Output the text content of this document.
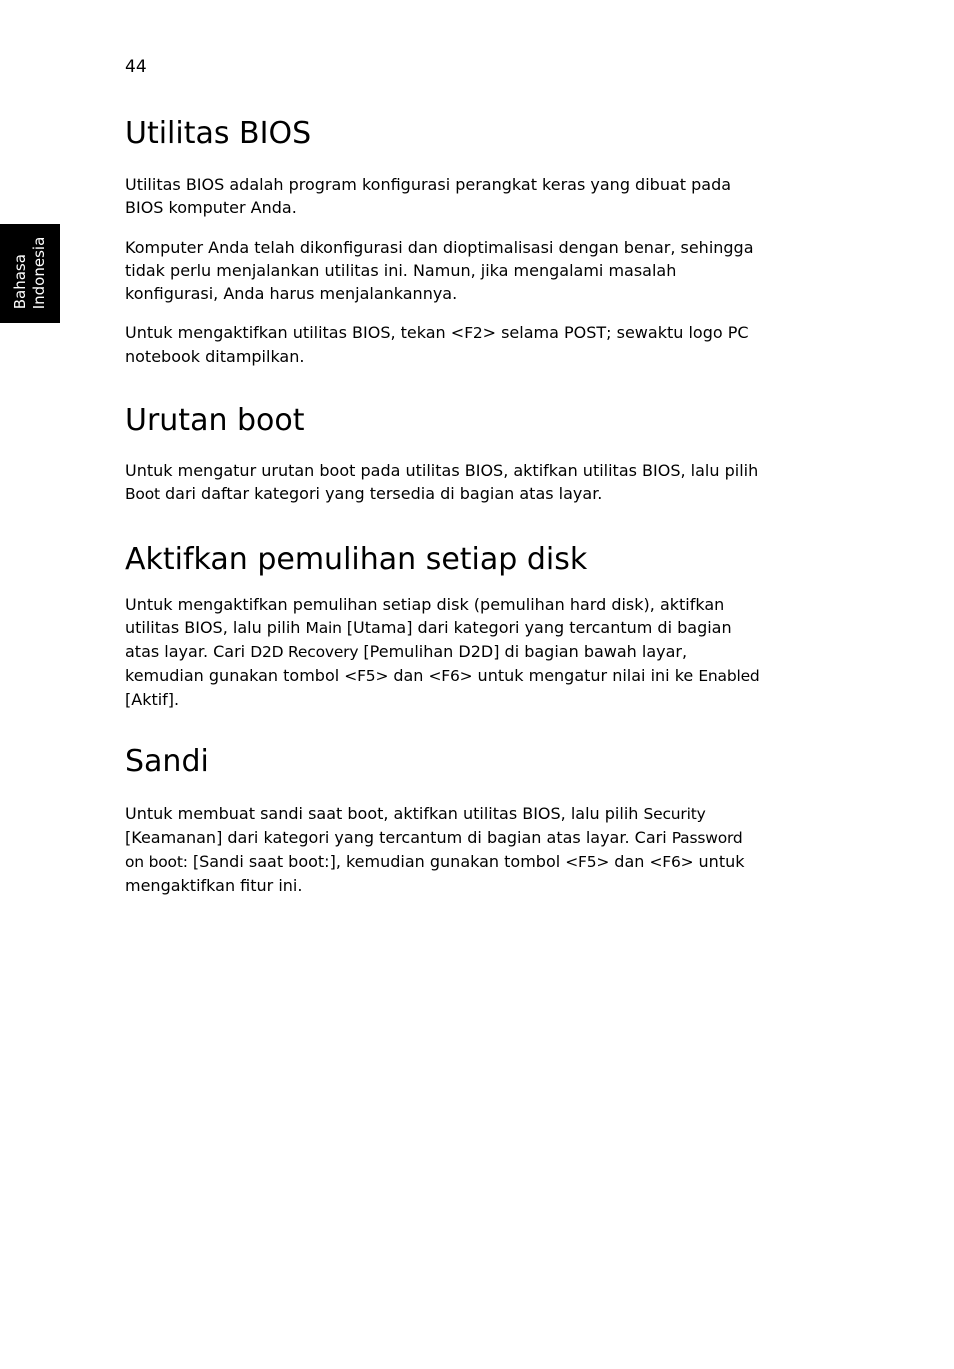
44
Bahasa Indonesia
Utilitas BIOS

Utilitas BIOS adalah program konfigurasi perangkat keras yang dibuat pada
BIOS komputer Anda.

Komputer Anda telah dikonfigurasi dan dioptimalisasi dengan benar, sehingga
tidak perlu menjalankan utilitas ini. Namun, jika mengalami masalah
konfigurasi, Anda harus menjalankannya.

Untuk mengaktifkan utilitas BIOS, tekan <F2> selama POST; sewaktu logo PC
notebook ditampilkan.

Urutan boot

Untuk mengatur urutan boot pada utilitas BIOS, aktifkan utilitas BIOS, lalu pilih
Boot dari daftar kategori yang tersedia di bagian atas layar.

Aktifkan pemulihan setiap disk

Untuk mengaktifkan pemulihan setiap disk (pemulihan hard disk), aktifkan
utilitas BIOS, lalu pilih Main [Utama] dari kategori yang tercantum di bagian
atas layar. Cari D2D Recovery [Pemulihan D2D] di bagian bawah layar,
kemudian gunakan tombol <F5> dan <F6> untuk mengatur nilai ini ke Enabled
[Aktif].

Sandi

Untuk membuat sandi saat boot, aktifkan utilitas BIOS, lalu pilih Security
[Keamanan] dari kategori yang tercantum di bagian atas layar. Cari Password
on boot: [Sandi saat boot:], kemudian gunakan tombol <F5> dan <F6> untuk
mengaktifkan fitur ini.
